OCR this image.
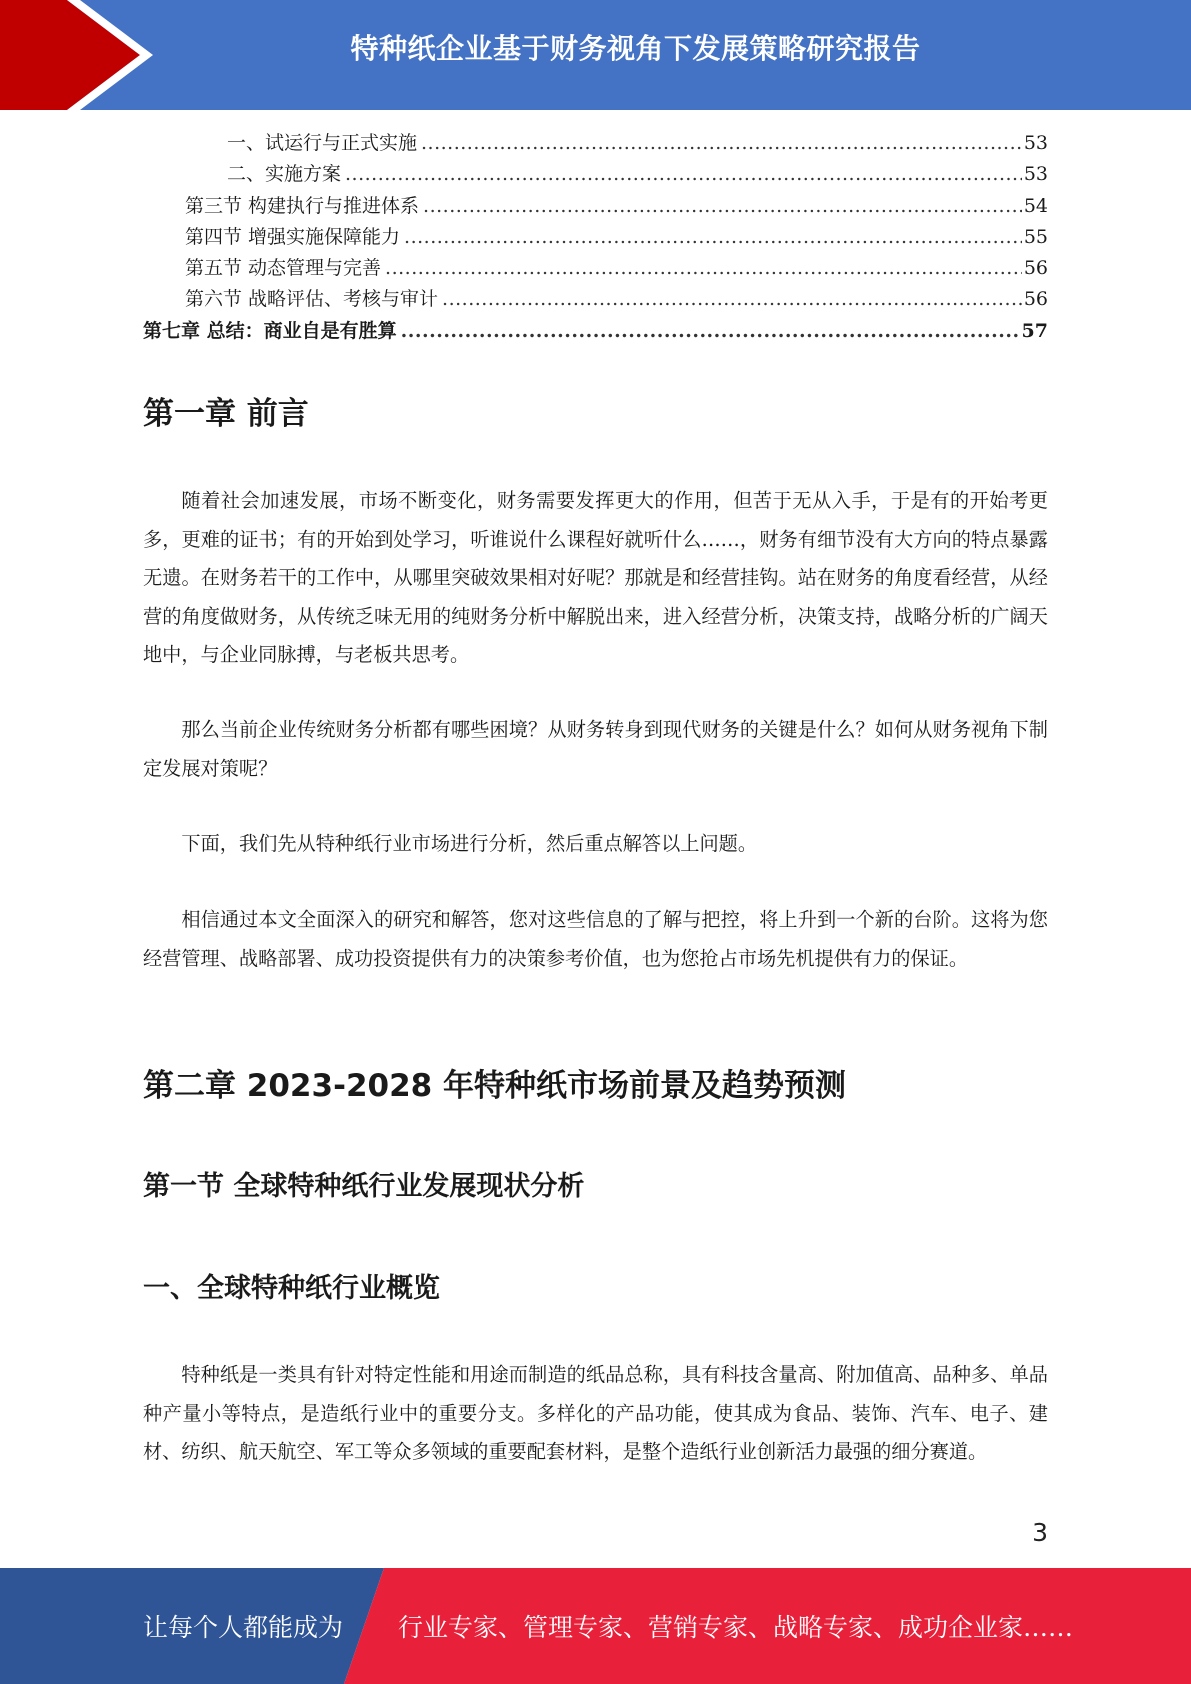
特种纸企业基于财务视角下发展策略研究报告
一、试运行与正式实施 .....	53
二、实施方案 .....	53
第三节 构建执行与推进体系 .....	54
第四节 增强实施保障能力 .....	55
第五节 动态管理与完善 .....	56
第六节 战略评估、考核与审计 .....	56
第七章 总结：商业自是有胜算 .....	57
第一章 前言

随着社会加速发展，市场不断变化，财务需要发挥更大的作用，但苦于无从入手，于是有的开始考更多，更难的证书；有的开始到处学习，听谁说什么课程好就听什么……，财务有细节没有大方向的特点暴露无遗。在财务若干的工作中，从哪里突破效果相对好呢？那就是和经营挂钩。站在财务的角度看经营，从经营的角度做财务，从传统乏味无用的纯财务分析中解脱出来，进入经营分析，决策支持，战略分析的广阔天地中，与企业同脉搏，与老板共思考。

那么当前企业传统财务分析都有哪些困境？从财务转身到现代财务的关键是什么？如何从财务视角下制定发展对策呢？

下面，我们先从特种纸行业市场进行分析，然后重点解答以上问题。

相信通过本文全面深入的研究和解答，您对这些信息的了解与把控，将上升到一个新的台阶。这将为您经营管理、战略部署、成功投资提供有力的决策参考价值，也为您抢占市场先机提供有力的保证。

第二章 2023-2028 年特种纸市场前景及趋势预测
第一节 全球特种纸行业发展现状分析
一、全球特种纸行业概览

特种纸是一类具有针对特定性能和用途而制造的纸品总称，具有科技含量高、附加值高、品种多、单品种产量小等特点，是造纸行业中的重要分支。多样化的产品功能，使其成为食品、装饰、汽车、电子、建材、纺织、航天航空、军工等众多领域的重要配套材料，是整个造纸行业创新活力最强的细分赛道。

3
让每个人都能成为 行业专家、管理专家、营销专家、战略专家、成功企业家……
